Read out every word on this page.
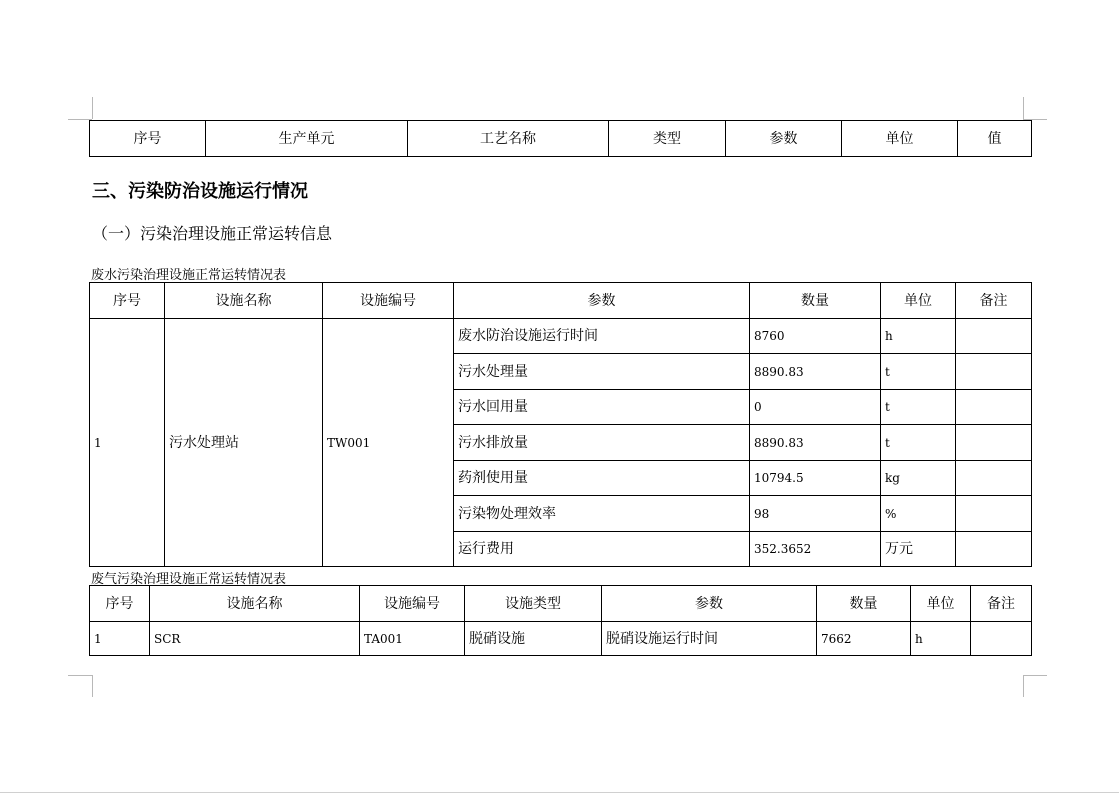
序号	生产单元	工艺名称	类型	参数	单位	值
三、污染防治设施运行情况
（一）污染治理设施正常运转信息
废水污染治理设施正常运转情况表
序号	设施名称	设施编号	参数	数量	单位	备注
1	污水处理站	TW001	废水防治设施运行时间	8760	h	
			污水处理量	8890.83	t	
			污水回用量	0	t	
			污水排放量	8890.83	t	
			药剂使用量	10794.5	kg	
			污染物处理效率	98	%	
			运行费用	352.3652	万元	
废气污染治理设施正常运转情况表
序号	设施名称	设施编号	设施类型	参数	数量	单位	备注
1	SCR	TA001	脱硝设施	脱硝设施运行时间	7662	h	
